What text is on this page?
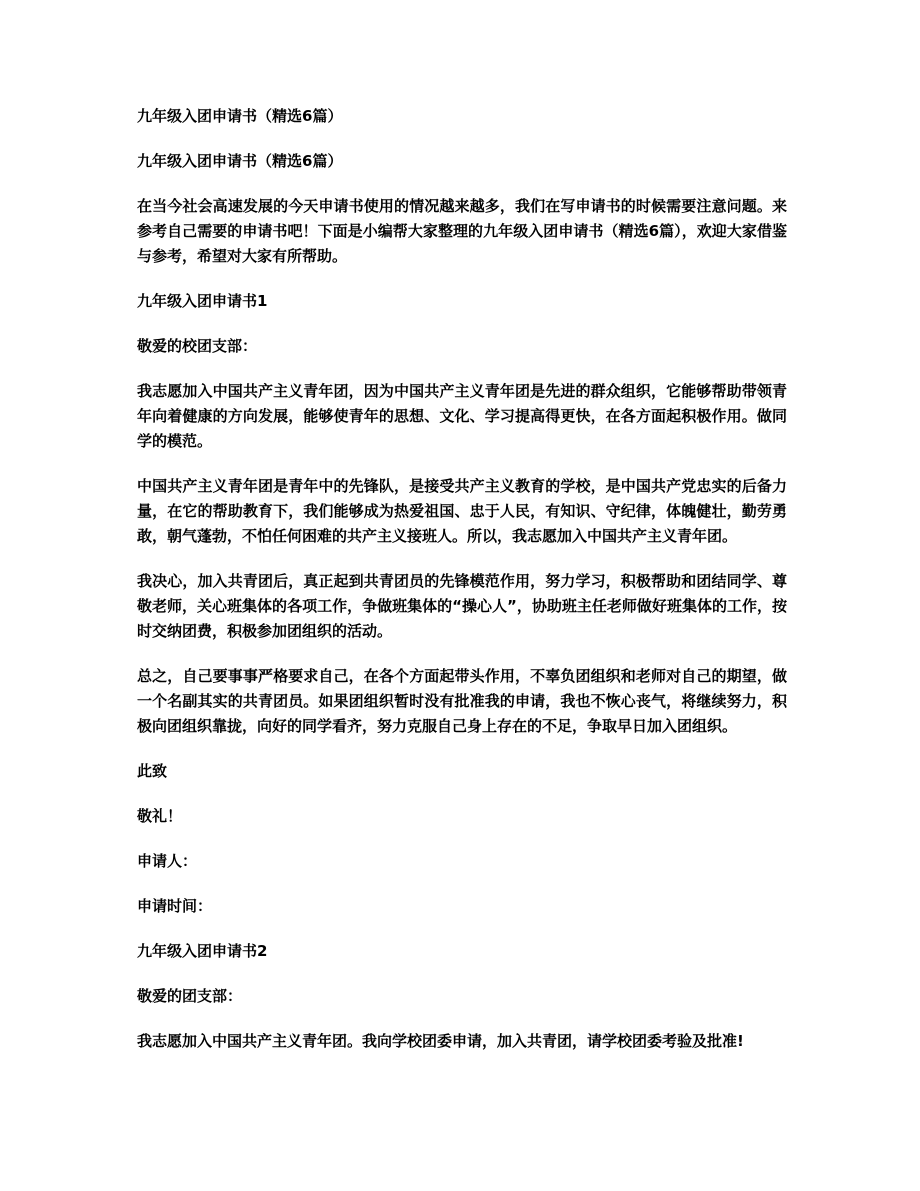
九年级入团申请书（精选6篇）

九年级入团申请书（精选6篇）

在当今社会高速发展的今天申请书使用的情况越来越多，我们在写申请书的时候需要注意问题。来参考自己需要的申请书吧！下面是小编帮大家整理的九年级入团申请书（精选6篇），欢迎大家借鉴与参考，希望对大家有所帮助。

九年级入团申请书1

敬爱的校团支部：

我志愿加入中国共产主义青年团，因为中国共产主义青年团是先进的群众组织，它能够帮助带领青年向着健康的方向发展，能够使青年的思想、文化、学习提高得更快，在各方面起积极作用。做同学的模范。

中国共产主义青年团是青年中的先锋队，是接受共产主义教育的学校，是中国共产党忠实的后备力量，在它的帮助教育下，我们能够成为热爱祖国、忠于人民，有知识、守纪律，体魄健壮，勤劳勇敢，朝气蓬勃，不怕任何困难的共产主义接班人。所以，我志愿加入中国共产主义青年团。

我决心，加入共青团后，真正起到共青团员的先锋模范作用，努力学习，积极帮助和团结同学、尊敬老师，关心班集体的各项工作，争做班集体的“操心人”，协助班主任老师做好班集体的工作，按时交纳团费，积极参加团组织的活动。

总之，自己要事事严格要求自己，在各个方面起带头作用，不辜负团组织和老师对自己的期望，做一个名副其实的共青团员。如果团组织暂时没有批准我的申请，我也不恢心丧气，将继续努力，积极向团组织靠拢，向好的同学看齐，努力克服自己身上存在的不足，争取早日加入团组织。

此致

敬礼！

申请人：

申请时间：

九年级入团申请书2

敬爱的团支部：

我志愿加入中国共产主义青年团。我向学校团委申请，加入共青团，请学校团委考验及批准!
